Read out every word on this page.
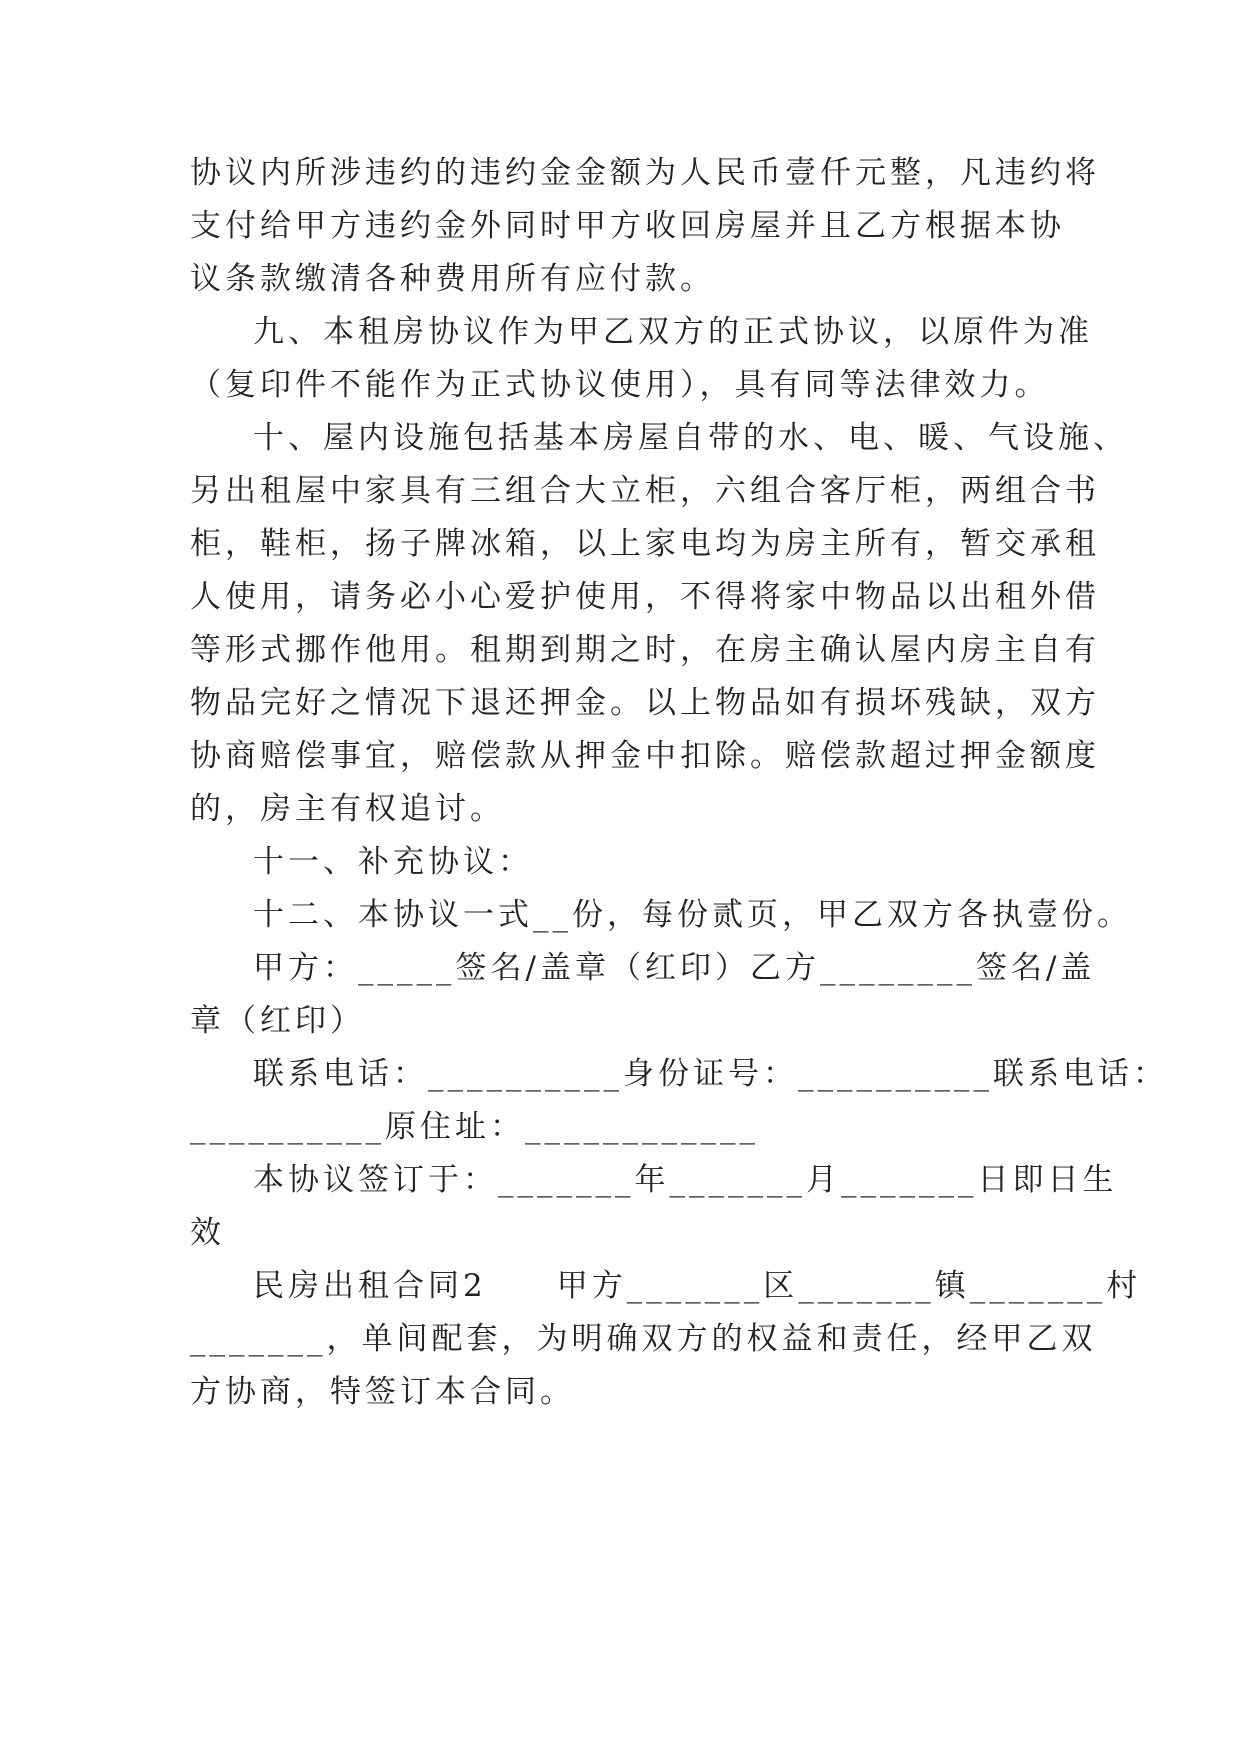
协议内所涉违约的违约金金额为人民币壹仟元整，凡违约将
支付给甲方违约金外同时甲方收回房屋并且乙方根据本协
议条款缴清各种费用所有应付款。
九、本租房协议作为甲乙双方的正式协议，以原件为准
（复印件不能作为正式协议使用），具有同等法律效力。
十、屋内设施包括基本房屋自带的水、电、暖、气设施、
另出租屋中家具有三组合大立柜，六组合客厅柜，两组合书
柜，鞋柜，扬子牌冰箱，以上家电均为房主所有，暂交承租
人使用，请务必小心爱护使用，不得将家中物品以出租外借
等形式挪作他用。租期到期之时，在房主确认屋内房主自有
物品完好之情况下退还押金。以上物品如有损坏残缺，双方
协商赔偿事宜，赔偿款从押金中扣除。赔偿款超过押金额度
的，房主有权追讨。
十一、补充协议：
十二、本协议一式__份，每份贰页，甲乙双方各执壹份。
甲方：_____签名/盖章（红印）乙方________签名/盖
章（红印）
联系电话：__________身份证号：__________联系电话：
__________原住址：____________
本协议签订于：_______年_______月_______日即日生
效
民房出租合同2　　甲方_______区_______镇_______村
_______，单间配套，为明确双方的权益和责任，经甲乙双
方协商，特签订本合同。
